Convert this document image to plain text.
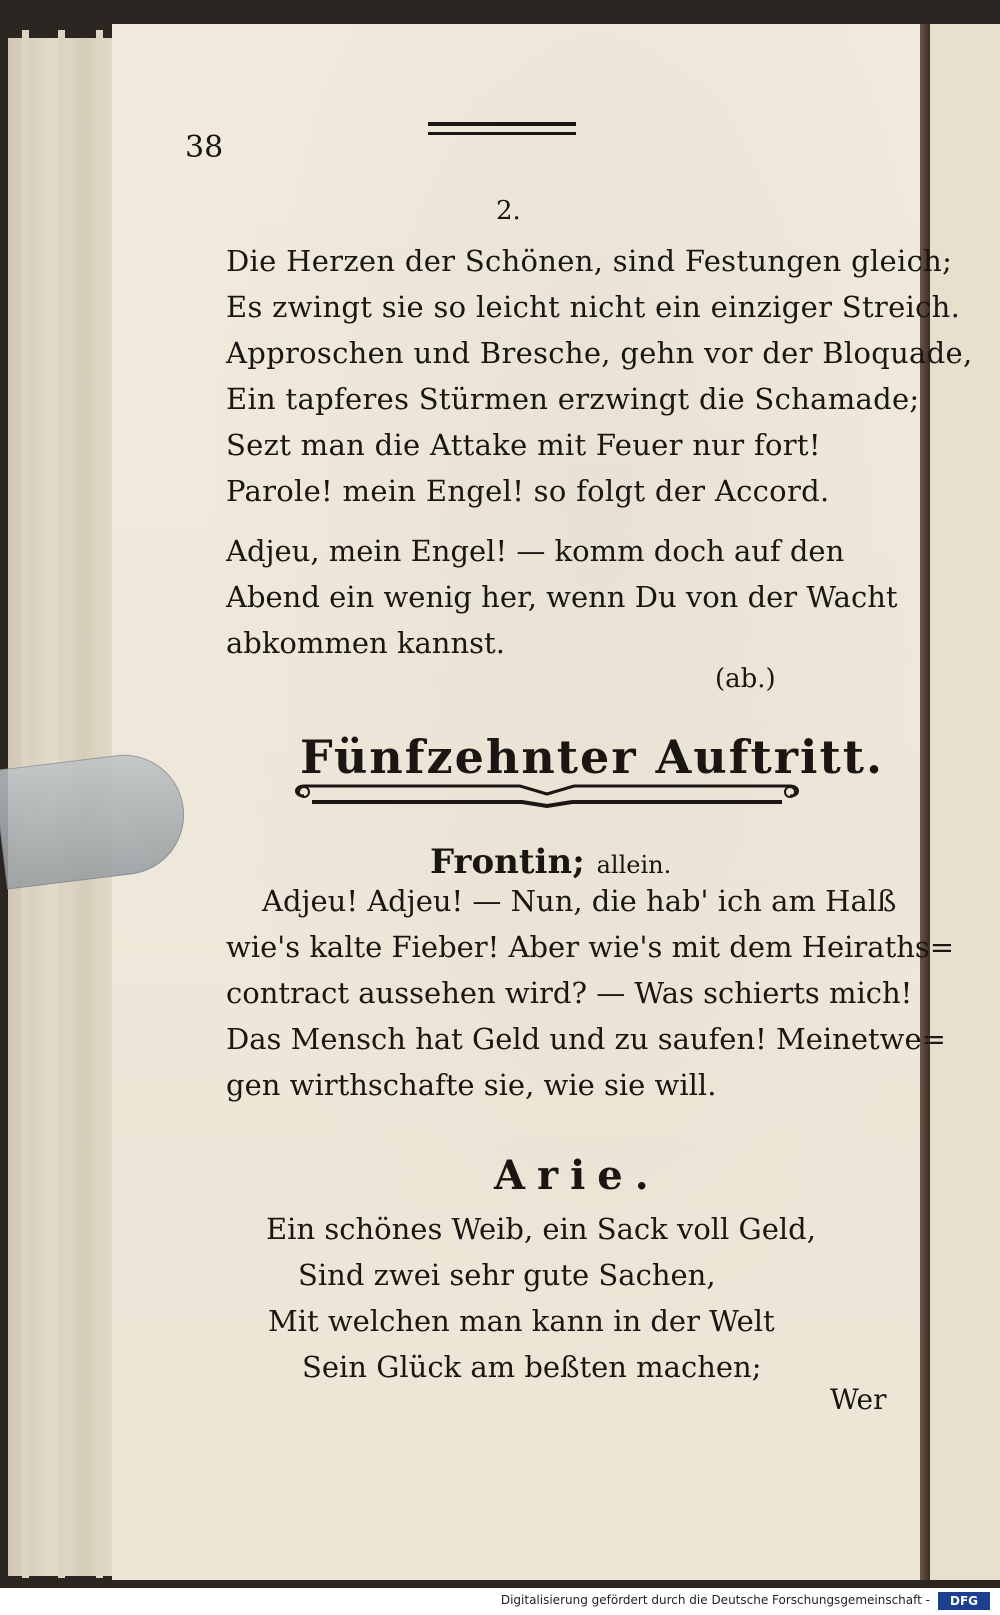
38
2.
Die Herzen der Schönen, sind Festungen gleich;
Es zwingt sie so leicht nicht ein einziger Streich.
Approschen und Bresche, gehn vor der Bloquade,
Ein tapferes Stürmen erzwingt die Schamade;
Sezt man die Attake mit Feuer nur fort!
Parole! mein Engel! so folgt der Accord.
Adjeu, mein Engel! — komm doch auf den
Abend ein wenig her, wenn Du von der Wacht
abkommen kannst.
(ab.)
Fünfzehnter Auftritt.
Frontin; allein.
Adjeu! Adjeu! — Nun, die hab' ich am Halß
wie's kalte Fieber! Aber wie's mit dem Heiraths=
contract aussehen wird? — Was schierts mich!
Das Mensch hat Geld und zu saufen! Meinetwe=
gen wirthschafte sie, wie sie will.
Arie.
Ein schönes Weib, ein Sack voll Geld,
Sind zwei sehr gute Sachen,
Mit welchen man kann in der Welt
Sein Glück am beßten machen;
Wer
Digitalisierung gefördert durch die Deutsche Forschungsgemeinschaft -	DFG
